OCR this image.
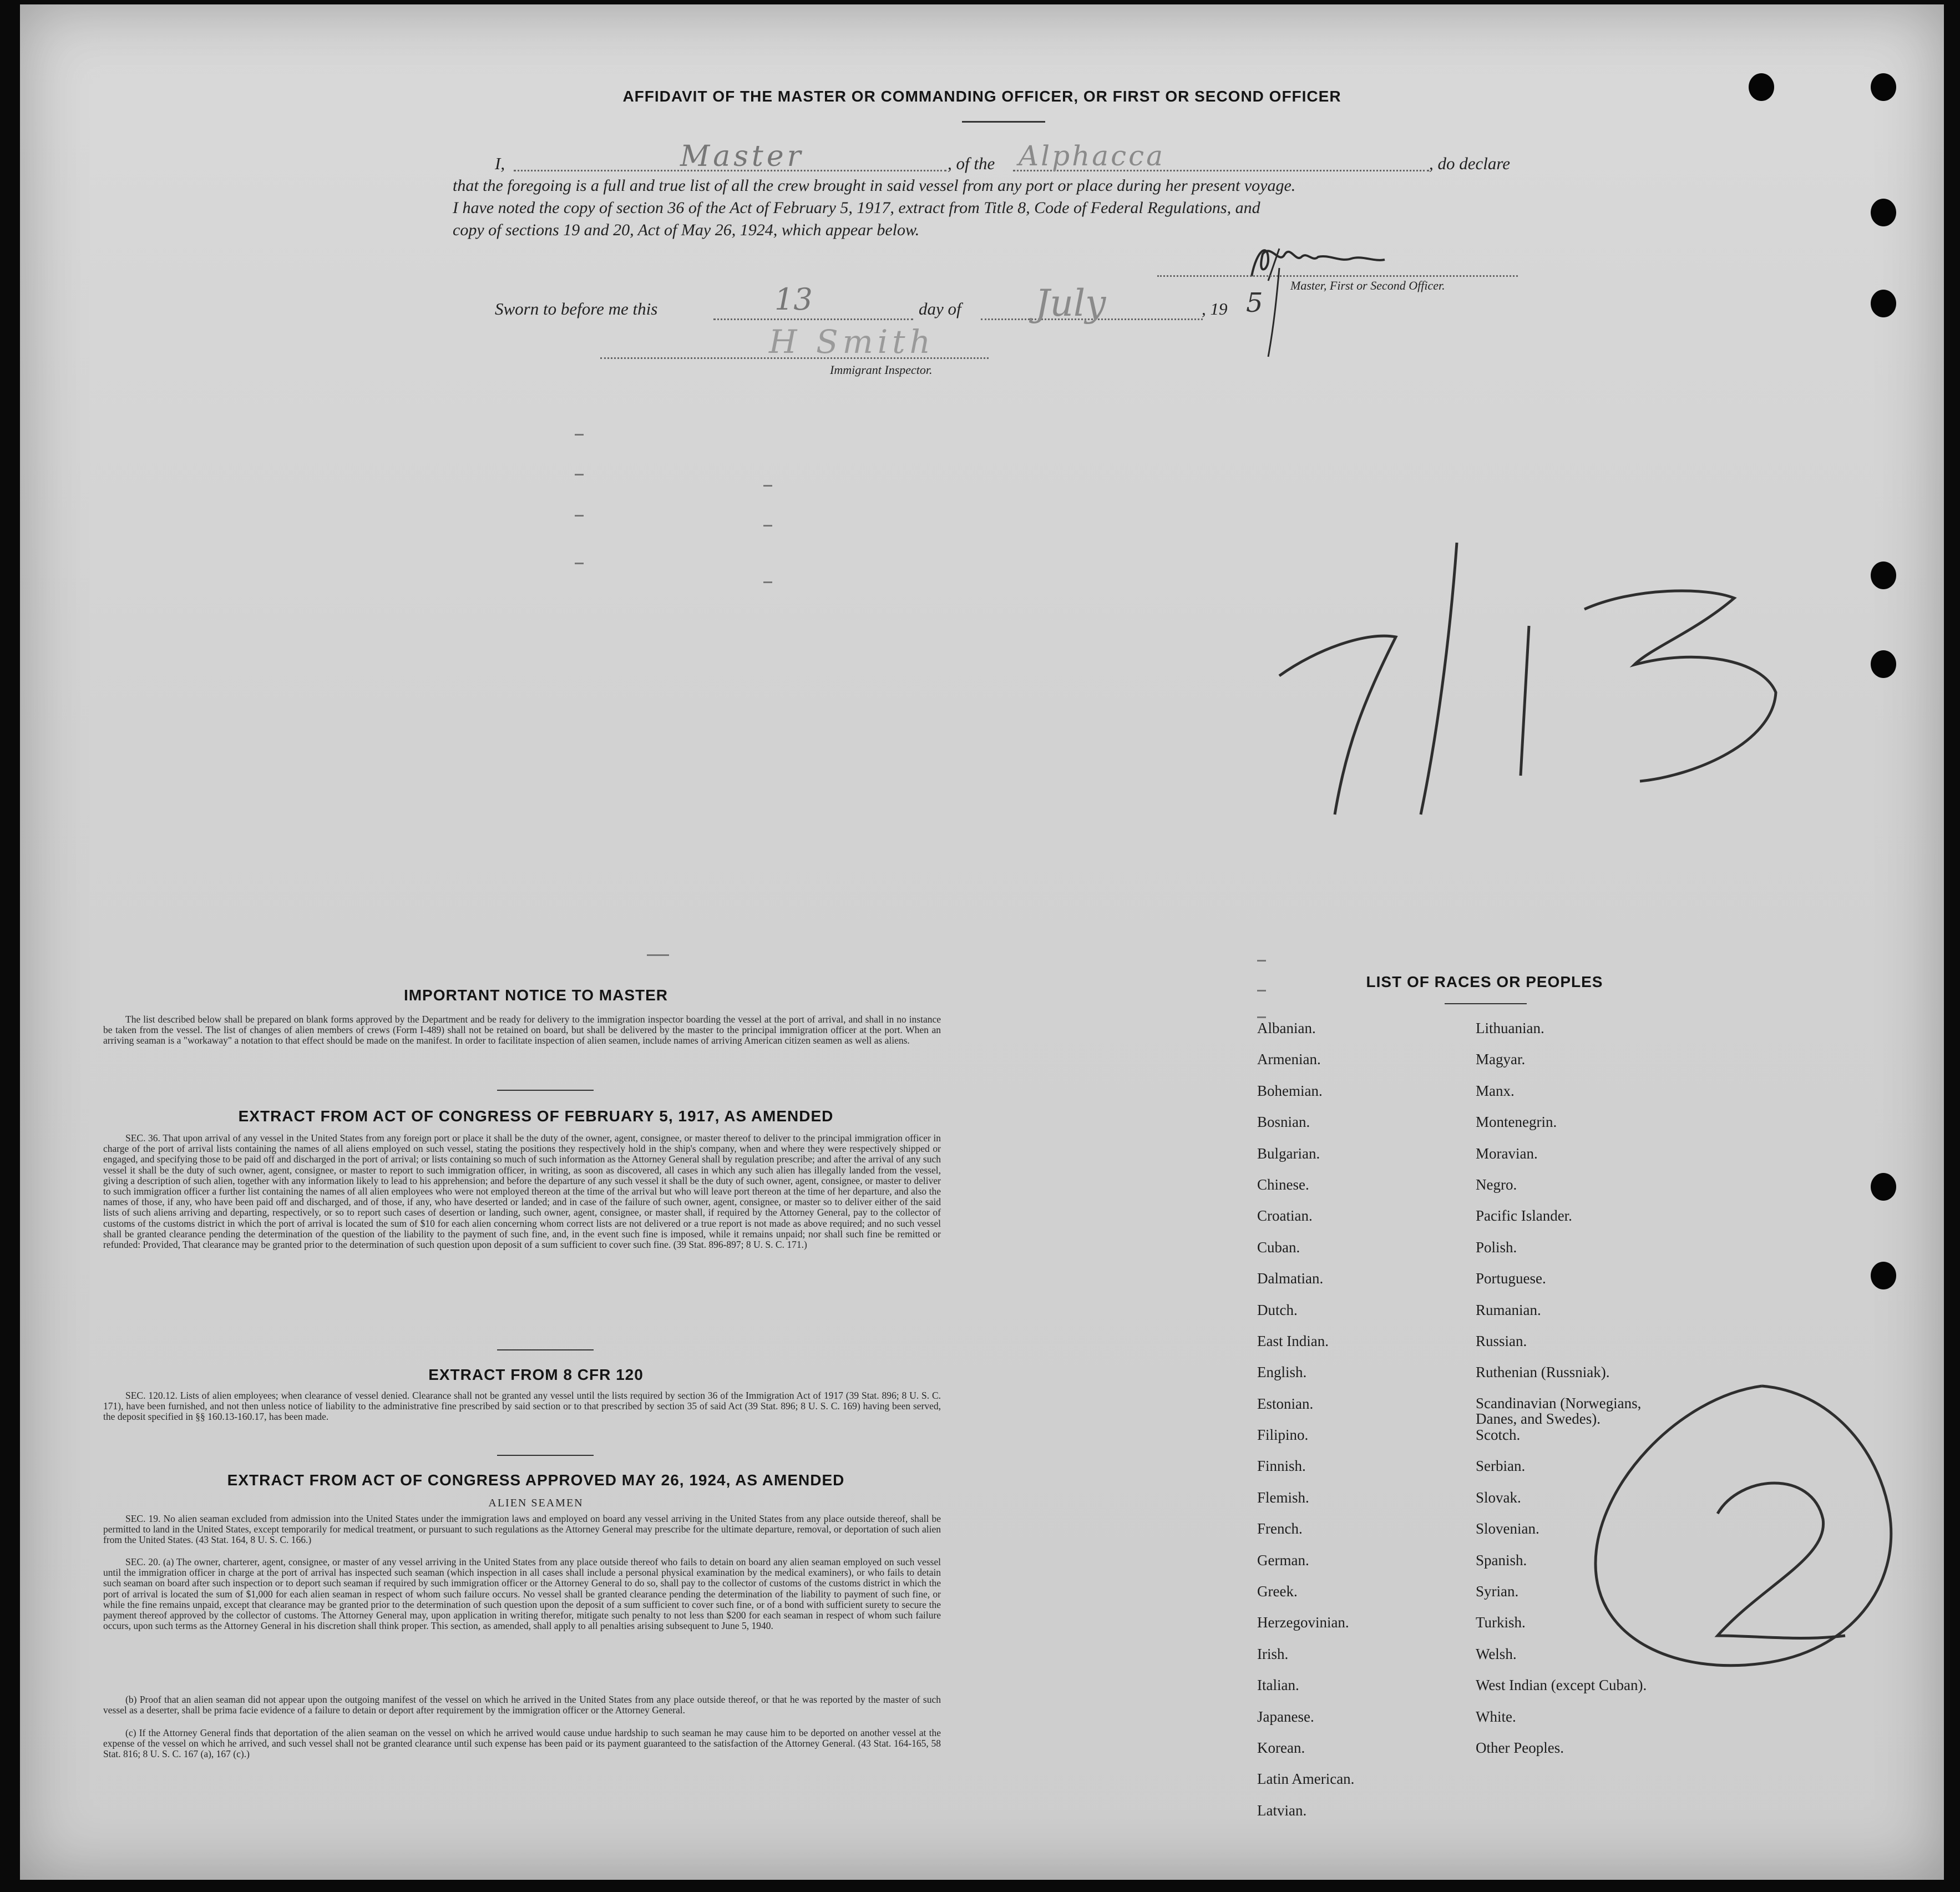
AFFIDAVIT OF THE MASTER OR COMMANDING OFFICER, OR FIRST OR SECOND OFFICER
I,	Master	, of the Alphacca	, do declare
that the foregoing is a full and true list of all the crew brought in said vessel from any port or place during her present voyage.
I have noted the copy of section 36 of the Act of February 5, 1917, extract from Title 8, Code of Federal Regulations, and
copy of sections 19 and 20, Act of May 26, 1924, which appear below.
Master, First or Second Officer.
Sworn to before me this	13	day of July	, 19 5
H Smith
Immigrant Inspector.
7/13
IMPORTANT NOTICE TO MASTER
The list described below shall be prepared on blank forms approved by the Department and be ready for delivery to the immigration inspector boarding the vessel at the port of arrival, and shall in no instance be taken from the vessel. The list of changes of alien members of crews (Form I-489) shall not be retained on board, but shall be delivered by the master to the principal immigration officer at the port. When an arriving seaman is a "workaway" a notation to that effect should be made on the manifest. In order to facilitate inspection of alien seamen, include names of arriving American citizen seamen as well as aliens.
EXTRACT FROM ACT OF CONGRESS OF FEBRUARY 5, 1917, AS AMENDED
SEC. 36. That upon arrival of any vessel in the United States from any foreign port or place it shall be the duty of the owner, agent, consignee, or master thereof to deliver to the principal immigration officer in charge of the port of arrival lists containing the names of all aliens employed on such vessel, stating the positions they respectively hold in the ship's company, when and where they were respectively shipped or engaged, and specifying those to be paid off and discharged in the port of arrival; or lists containing so much of such information as the Attorney General shall by regulation prescribe; and after the arrival of any such vessel it shall be the duty of such owner, agent, consignee, or master to report to such immigration officer, in writing, as soon as discovered, all cases in which any such alien has illegally landed from the vessel, giving a description of such alien, together with any information likely to lead to his apprehension; and before the departure of any such vessel it shall be the duty of such owner, agent, consignee, or master to deliver to such immigration officer a further list containing the names of all alien employees who were not employed thereon at the time of the arrival but who will leave port thereon at the time of her departure, and also the names of those, if any, who have been paid off and discharged, and of those, if any, who have deserted or landed; and in case of the failure of such owner, agent, consignee, or master so to deliver either of the said lists of such aliens arriving and departing, respectively, or so to report such cases of desertion or landing, such owner, agent, consignee, or master shall, if required by the Attorney General, pay to the collector of customs of the customs district in which the port of arrival is located the sum of $10 for each alien concerning whom correct lists are not delivered or a true report is not made as above required; and no such vessel shall be granted clearance pending the determination of the question of the liability to the payment of such fine, and, in the event such fine is imposed, while it remains unpaid; nor shall such fine be remitted or refunded: Provided, That clearance may be granted prior to the determination of such question upon deposit of a sum sufficient to cover such fine. (39 Stat. 896-897; 8 U. S. C. 171.)
EXTRACT FROM 8 CFR 120
SEC. 120.12. Lists of alien employees; when clearance of vessel denied. Clearance shall not be granted any vessel until the lists required by section 36 of the Immigration Act of 1917 (39 Stat. 896; 8 U. S. C. 171), have been furnished, and not then unless notice of liability to the administrative fine prescribed by said section or to that prescribed by section 35 of said Act (39 Stat. 896; 8 U. S. C. 169) having been served, the deposit specified in §§ 160.13-160.17, has been made.
EXTRACT FROM ACT OF CONGRESS APPROVED MAY 26, 1924, AS AMENDED
ALIEN SEAMEN
SEC. 19. No alien seaman excluded from admission into the United States under the immigration laws and employed on board any vessel arriving in the United States from any place outside thereof, shall be permitted to land in the United States, except temporarily for medical treatment, or pursuant to such regulations as the Attorney General may prescribe for the ultimate departure, removal, or deportation of such alien from the United States. (43 Stat. 164, 8 U. S. C. 166.)
SEC. 20. (a) The owner, charterer, agent, consignee, or master of any vessel arriving in the United States from any place outside thereof who fails to detain on board any alien seaman employed on such vessel until the immigration officer in charge at the port of arrival has inspected such seaman (which inspection in all cases shall include a personal physical examination by the medical examiners), or who fails to detain such seaman on board after such inspection or to deport such seaman if required by such immigration officer or the Attorney General to do so, shall pay to the collector of customs of the customs district in which the port of arrival is located the sum of $1,000 for each alien seaman in respect of whom such failure occurs. No vessel shall be granted clearance pending the determination of the liability to payment of such fine, or while the fine remains unpaid, except that clearance may be granted prior to the determination of such question upon the deposit of a sum sufficient to cover such fine, or of a bond with sufficient surety to secure the payment thereof approved by the collector of customs. The Attorney General may, upon application in writing therefor, mitigate such penalty to not less than $200 for each seaman in respect of whom such failure occurs, upon such terms as the Attorney General in his discretion shall think proper. This section, as amended, shall apply to all penalties arising subsequent to June 5, 1940.
(b) Proof that an alien seaman did not appear upon the outgoing manifest of the vessel on which he arrived in the United States from any place outside thereof, or that he was reported by the master of such vessel as a deserter, shall be prima facie evidence of a failure to detain or deport after requirement by the immigration officer or the Attorney General.
(c) If the Attorney General finds that deportation of the alien seaman on the vessel on which he arrived would cause undue hardship to such seaman he may cause him to be deported on another vessel at the expense of the vessel on which he arrived, and such vessel shall not be granted clearance until such expense has been paid or its payment guaranteed to the satisfaction of the Attorney General. (43 Stat. 164-165, 58 Stat. 816; 8 U. S. C. 167 (a), 167 (c).)
LIST OF RACES OR PEOPLES
Albanian.
Armenian.
Bohemian.
Bosnian.
Bulgarian.
Chinese.
Croatian.
Cuban.
Dalmatian.
Dutch.
East Indian.
English.
Estonian.
Filipino.
Finnish.
Flemish.
French.
German.
Greek.
Herzegovinian.
Irish.
Italian.
Japanese.
Korean.
Latin American.
Latvian.
Lithuanian.
Magyar.
Manx.
Montenegrin.
Moravian.
Negro.
Pacific Islander.
Polish.
Portuguese.
Rumanian.
Russian.
Ruthenian (Russniak).
Scandinavian (Norwegians, Danes, and Swedes).
Scotch.
Serbian.
Slovak.
Slovenian.
Spanish.
Syrian.
Turkish.
Welsh.
West Indian (except Cuban).
White.
Other Peoples.
